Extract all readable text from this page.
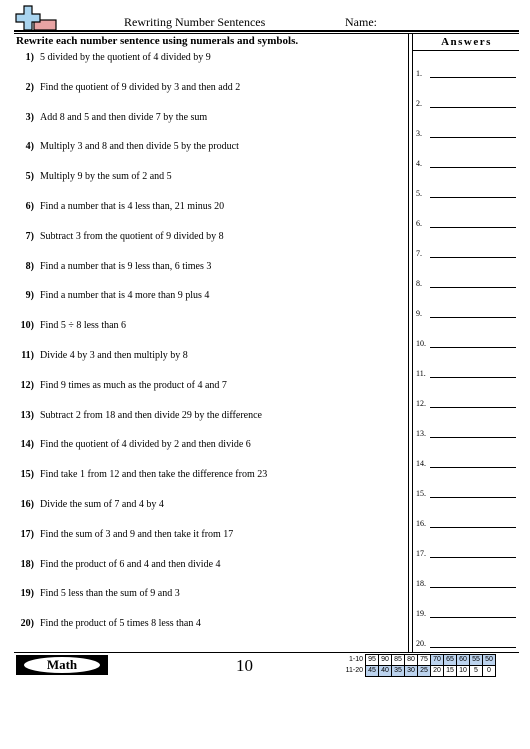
Rewriting Number Sentences	Name:
Rewrite each number sentence using numerals and symbols.	Answers
1) 5 divided by the quotient of 4 divided by 9
2) Find the quotient of 9 divided by 3 and then add 2
3) Add 8 and 5 and then divide 7 by the sum
4) Multiply 3 and 8 and then divide 5 by the product
5) Multiply 9 by the sum of 2 and 5
6) Find a number that is 4 less than, 21 minus 20
7) Subtract 3 from the quotient of 9 divided by 8
8) Find a number that is 9 less than, 6 times 3
9) Find a number that is 4 more than 9 plus 4
10) Find 5 ÷ 8 less than 6
11) Divide 4 by 3 and then multiply by 8
12) Find 9 times as much as the product of 4 and 7
13) Subtract 2 from 18 and then divide 29 by the difference
14) Find the quotient of 4 divided by 2 and then divide 6
15) Find take 1 from 12 and then take the difference from 23
16) Divide the sum of 7 and 4 by 4
17) Find the sum of 3 and 9 and then take it from 17
18) Find the product of 6 and 4 and then divide 4
19) Find 5 less than the sum of 9 and 3
20) Find the product of 5 times 8 less than 4
1.
2.
3.
4.
5.
6.
7.
8.
9.
10.
11.
12.
13.
14.
15.
16.
17.
18.
19.
20.
Math	10	1-10	95	90	85	80	75	70	65	60	55	50
11-20	45	40	35	30	25	20	15	10	5	0
